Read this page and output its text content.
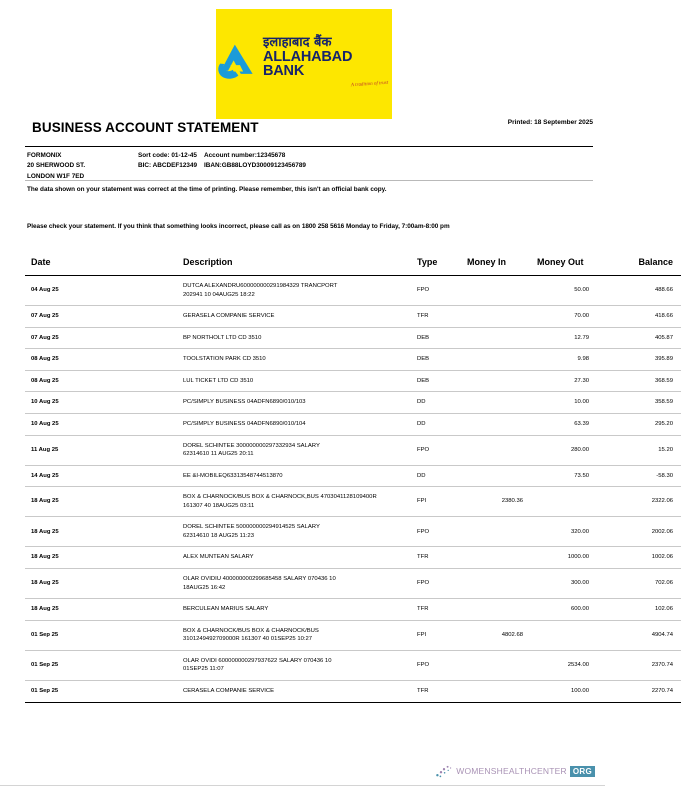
इलाहाबाद बैंक
ALLAHABAD BANK
A tradition of trust
BUSINESS ACCOUNT STATEMENT	Printed: 18 September 2025
FORMONIX
20 SHERWOOD ST.
LONDON W1F 7ED
Sort code: 01-12-45
BIC: ABCDEF12349
Account number:12345678
IBAN:GB88LOYD30009123456789
The data shown on your statement was correct at the time of printing. Please remember, this isn't an official bank copy.
Please check your statement. If you think that something looks incorrect, please call as on 1800 258 5616 Monday to Friday, 7:00am-8:00 pm
Date	Description	Type	Money In	Money Out	Balance
04 Aug 25	DUTCA ALEXANDRU600000000291984329 TRANCPORT
202941 10 04AUG25 18:22	FPO		50.00	488.66
07 Aug 25	GERASELA COMPANIE SERVICE	TFR		70.00	418.66
07 Aug 25	BP NORTHOLT LTD CD 3510	DEB		12.79	405.87
08 Aug 25	TOOLSTATION PARK CD 3510	DEB		9.98	395.89
08 Aug 25	LUL TICKET LTD CD 3510	DEB		27.30	368.59
10 Aug 25	PC/SIMPLY BUSINESS 04ADFN6890/010/103	DD		10.00	358.59
10 Aug 25	PC/SIMPLY BUSINESS 04ADFN6890/010/104	DD		63.39	295.20
11 Aug 25	DOREL SCHINTEE 300000000297332934 SALARY
62314610 11 AUG25 20:11	FPO		280.00	15.20
14 Aug 25	EE &I-MOBILEQ63313548744513870	DD		73.50	-58.30
18 Aug 25	BOX & CHARNOCK/BUS BOX & CHARNOCK,BUS 4703041128109400R
161307 40 18AUG25 03:11	FPI	2380.36		2322.06
18 Aug 25	DOREL SCHINTEE 500000000294914525 SALARY
62314610 18 AUG25 11:23	FPO		320.00	2002.06
18 Aug 25	ALEX MUNTEAN SALARY	TFR		1000.00	1002.06
18 Aug 25	OLAR OVIDIU 400000000299685458 SALARY 070436 10
18AUG25 16:42	FPO		300.00	702.06
18 Aug 25	BERCULEAN MARIUS SALARY	TFR		600.00	102.06
01 Sep 25	BOX & CHARNOCK/BUS BOX & CHARNOCK/BUS
3101249492709000R 161307 40 01SEP25 10:27	FPI	4802.68		4904.74
01 Sep 25	OLAR OVIDI 600000000297937622 SALARY 070436 10
01SEP25 11:07	FPO		2534.00	2370.74
01 Sep 25	CERASELA COMPANIE SERVICE	TFR		100.00	2270.74
WOMENSHEALTHCENTER ORG
